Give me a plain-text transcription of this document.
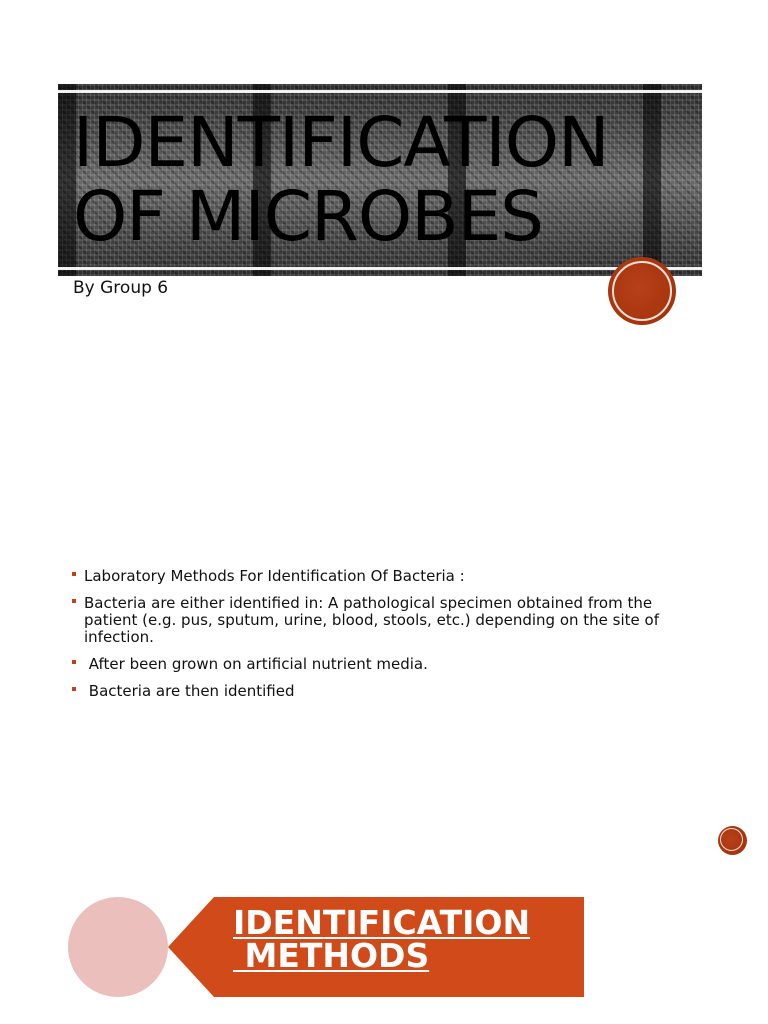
IDENTIFICATION
OF MICROBES
By Group 6
Laboratory Methods For Identification Of Bacteria :
Bacteria are either identified in: A pathological specimen obtained from the patient (e.g. pus, sputum, urine, blood, stools, etc.) depending on the site of infection.
After been grown on artificial nutrient media.
Bacteria are then identified
IDENTIFICATION
METHODS
